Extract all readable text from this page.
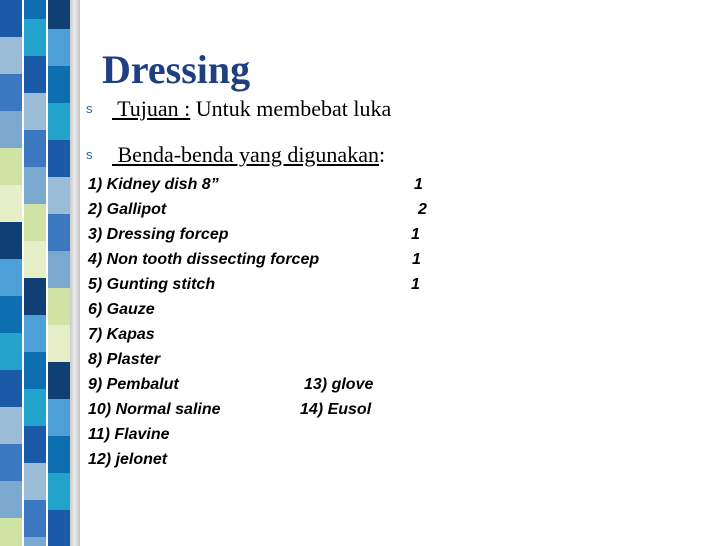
Dressing
s Tujuan : Untuk membebat luka
s Benda-benda yang digunakan:
1) Kidney dish 8”	1
2) Gallipot	2
3) Dressing forcep	1
4) Non tooth dissecting forcep	1
5) Gunting stitch	1
6) Gauze
7) Kapas
8) Plaster
9) Pembalut	13) glove
10) Normal saline	14) Eusol
11) Flavine
12) jelonet
